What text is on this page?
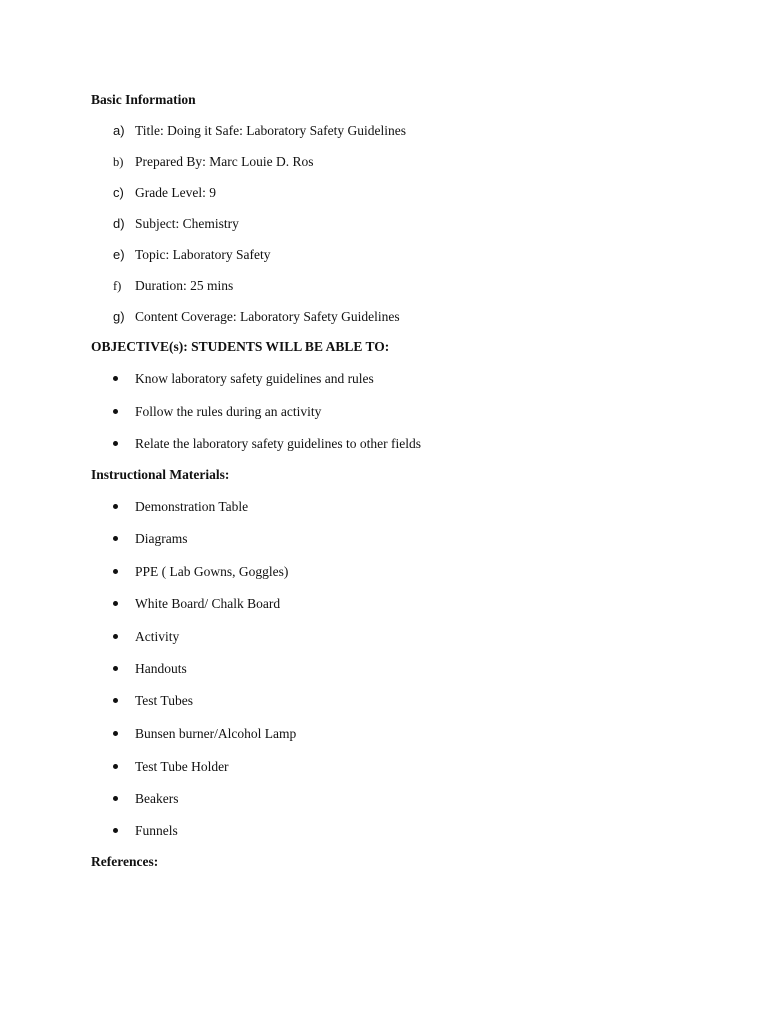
Basic Information
a) Title: Doing it Safe: Laboratory Safety Guidelines
b) Prepared By: Marc Louie D. Ros
c) Grade Level: 9
d) Subject: Chemistry
e) Topic: Laboratory Safety
f)	Duration: 25 mins
g) Content Coverage: Laboratory Safety Guidelines
OBJECTIVE(s): STUDENTS WILL BE ABLE TO:
Know laboratory safety guidelines and rules
Follow the rules during an activity
Relate the laboratory safety guidelines to other fields
Instructional Materials:
Demonstration Table
Diagrams
PPE ( Lab Gowns, Goggles)
White Board/ Chalk Board
Activity
Handouts
Test Tubes
Bunsen burner/Alcohol Lamp
Test Tube Holder
Beakers
Funnels
References:
